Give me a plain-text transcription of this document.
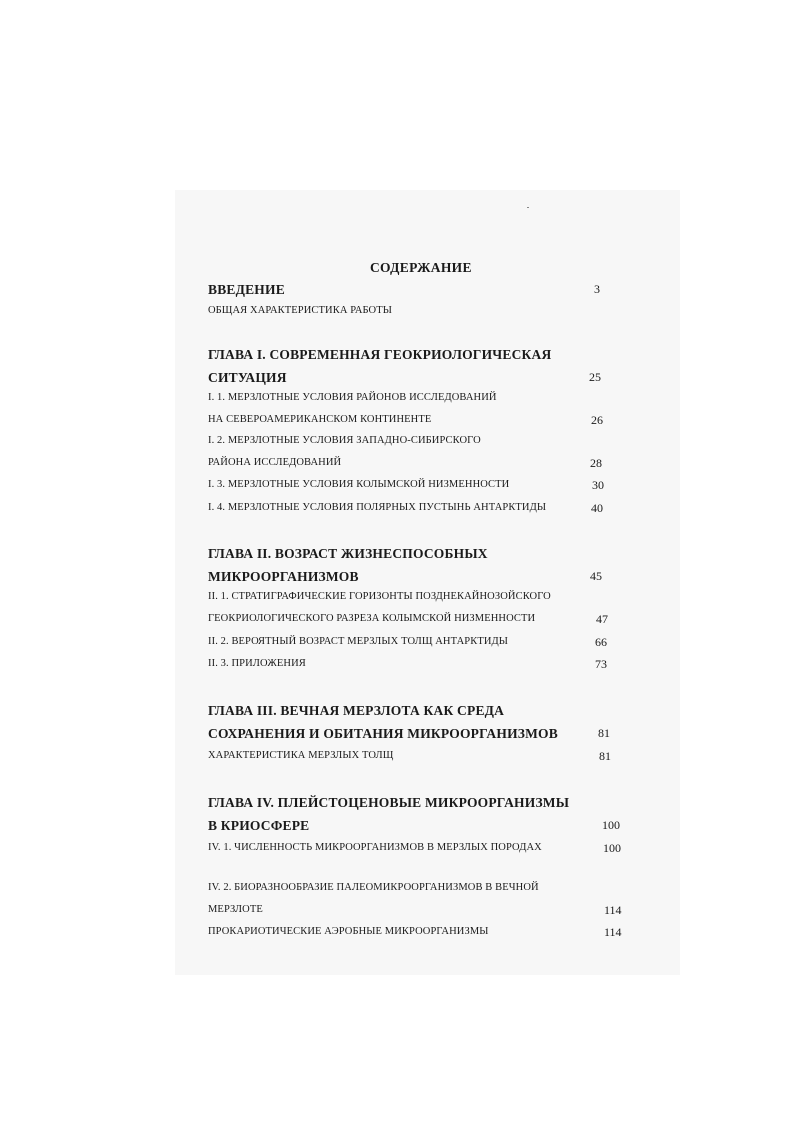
СОДЕРЖАНИЕ
ВВЕДЕНИЕ	3
ОБЩАЯ ХАРАКТЕРИСТИКА РАБОТЫ
ГЛАВА I. СОВРЕМЕННАЯ ГЕОКРИОЛОГИЧЕСКАЯ
СИТУАЦИЯ	25
I. 1. МЕРЗЛОТНЫЕ УСЛОВИЯ РАЙОНОВ ИССЛЕДОВАНИЙ
НА СЕВЕРОАМЕРИКАНСКОМ КОНТИНЕНТЕ	26
I. 2. МЕРЗЛОТНЫЕ УСЛОВИЯ ЗАПАДНО-СИБИРСКОГО
РАЙОНА ИССЛЕДОВАНИЙ	28
I. 3. МЕРЗЛОТНЫЕ УСЛОВИЯ КОЛЫМСКОЙ НИЗМЕННОСТИ	30
I. 4. МЕРЗЛОТНЫЕ УСЛОВИЯ ПОЛЯРНЫХ ПУСТЫНЬ АНТАРКТИДЫ	40
ГЛАВА II. ВОЗРАСТ ЖИЗНЕСПОСОБНЫХ
МИКРООРГАНИЗМОВ	45
II. 1. СТРАТИГРАФИЧЕСКИЕ ГОРИЗОНТЫ ПОЗДНЕКАЙНОЗОЙСКОГО
ГЕОКРИОЛОГИЧЕСКОГО РАЗРЕЗА КОЛЫМСКОЙ НИЗМЕННОСТИ	47
II. 2. ВЕРОЯТНЫЙ ВОЗРАСТ МЕРЗЛЫХ ТОЛЩ АНТАРКТИДЫ	66
II. 3. ПРИЛОЖЕНИЯ	73
ГЛАВА III. ВЕЧНАЯ МЕРЗЛОТА КАК СРЕДА
СОХРАНЕНИЯ И ОБИТАНИЯ МИКРООРГАНИЗМОВ	81
ХАРАКТЕРИСТИКА МЕРЗЛЫХ ТОЛЩ	81
ГЛАВА IV. ПЛЕЙСТОЦЕНОВЫЕ МИКРООРГАНИЗМЫ
В КРИОСФЕРЕ	100
IV. 1. ЧИСЛЕННОСТЬ МИКРООРГАНИЗМОВ В МЕРЗЛЫХ ПОРОДАХ	100
IV. 2. БИОРАЗНООБРАЗИЕ ПАЛЕОМИКРООРГАНИЗМОВ В ВЕЧНОЙ
МЕРЗЛОТЕ	114
ПРОКАРИОТИЧЕСКИЕ АЭРОБНЫЕ МИКРООРГАНИЗМЫ	114
